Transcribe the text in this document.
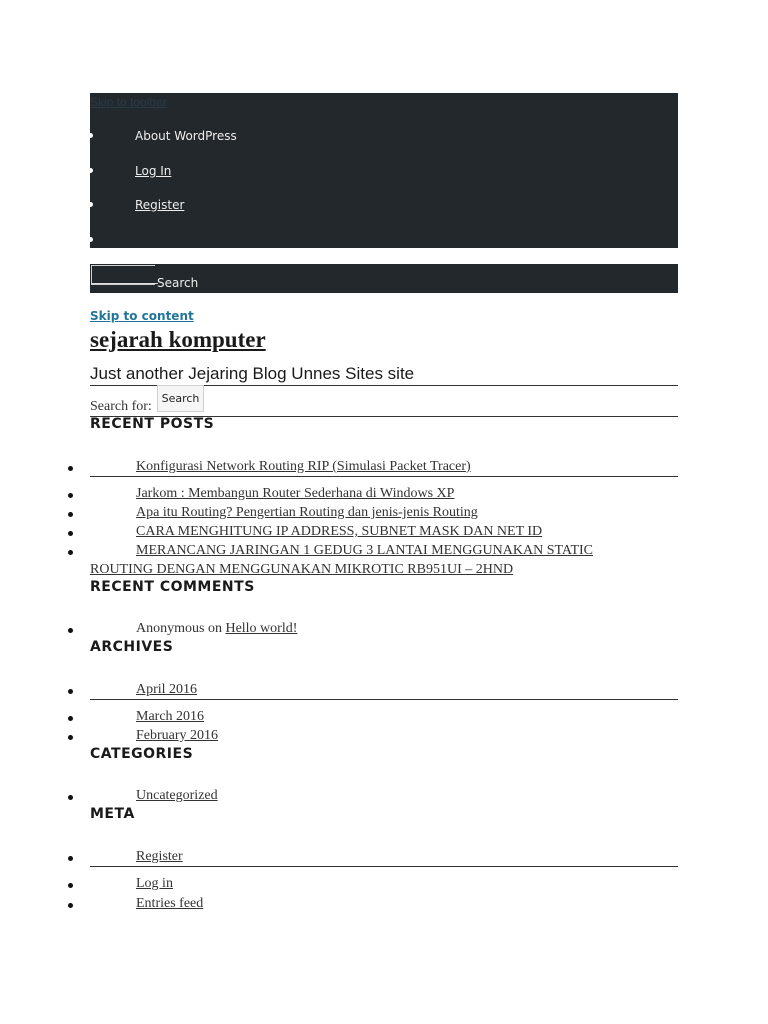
Skip to toolbar
About WordPress
Log In
Register
Search
Skip to content
sejarah komputer
Just another Jejaring Blog Unnes Sites site
Search for:
Search
RECENT POSTS
Konfigurasi Network Routing RIP (Simulasi Packet Tracer)
Jarkom : Membangun Router Sederhana di Windows XP
Apa itu Routing? Pengertian Routing dan jenis-jenis Routing
CARA MENGHITUNG IP ADDRESS, SUBNET MASK DAN NET ID
MERANCANG JARINGAN 1 GEDUG 3 LANTAI MENGGUNAKAN STATIC
ROUTING DENGAN MENGGUNAKAN MIKROTIC RB951UI – 2HND
RECENT COMMENTS
Anonymous on Hello world!
ARCHIVES
April 2016
March 2016
February 2016
CATEGORIES
Uncategorized
META
Register
Log in
Entries feed
